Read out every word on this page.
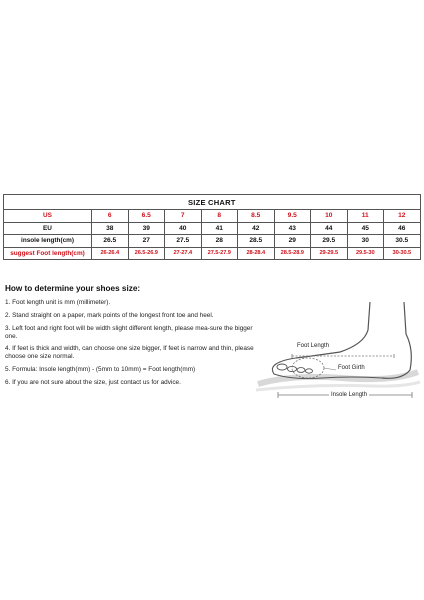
SIZE CHART									
US	6	6.5	7	8	8.5	9.5	10	11	12
EU	38	39	40	41	42	43	44	45	46
insole length(cm)	26.5	27	27.5	28	28.5	29	29.5	30	30.5
suggest Foot length(cm)	26-26.4	26.5-26.9	27-27.4	27.5-27.9	28-28.4	28.5-28.9	29-29.5	29.5-30	30-30.5
How to determine your shoes size:
1. Foot length unit is mm (millimeter).
2. Stand straight on a paper, mark points of the longest front toe and heel.
3. Left foot and right foot will be width slight different length, please mea-sure the bigger one.
4. If feet is thick and width, can choose one size bigger, If feet is narrow and thin, please choose one size normal.
5. Formula: Insole length(mm) - (5mm to 10mm) = Foot length(mm)
6. If you are not sure about the size, just contact us for advice.
Foot Length
Foot Girth
Insole Length
